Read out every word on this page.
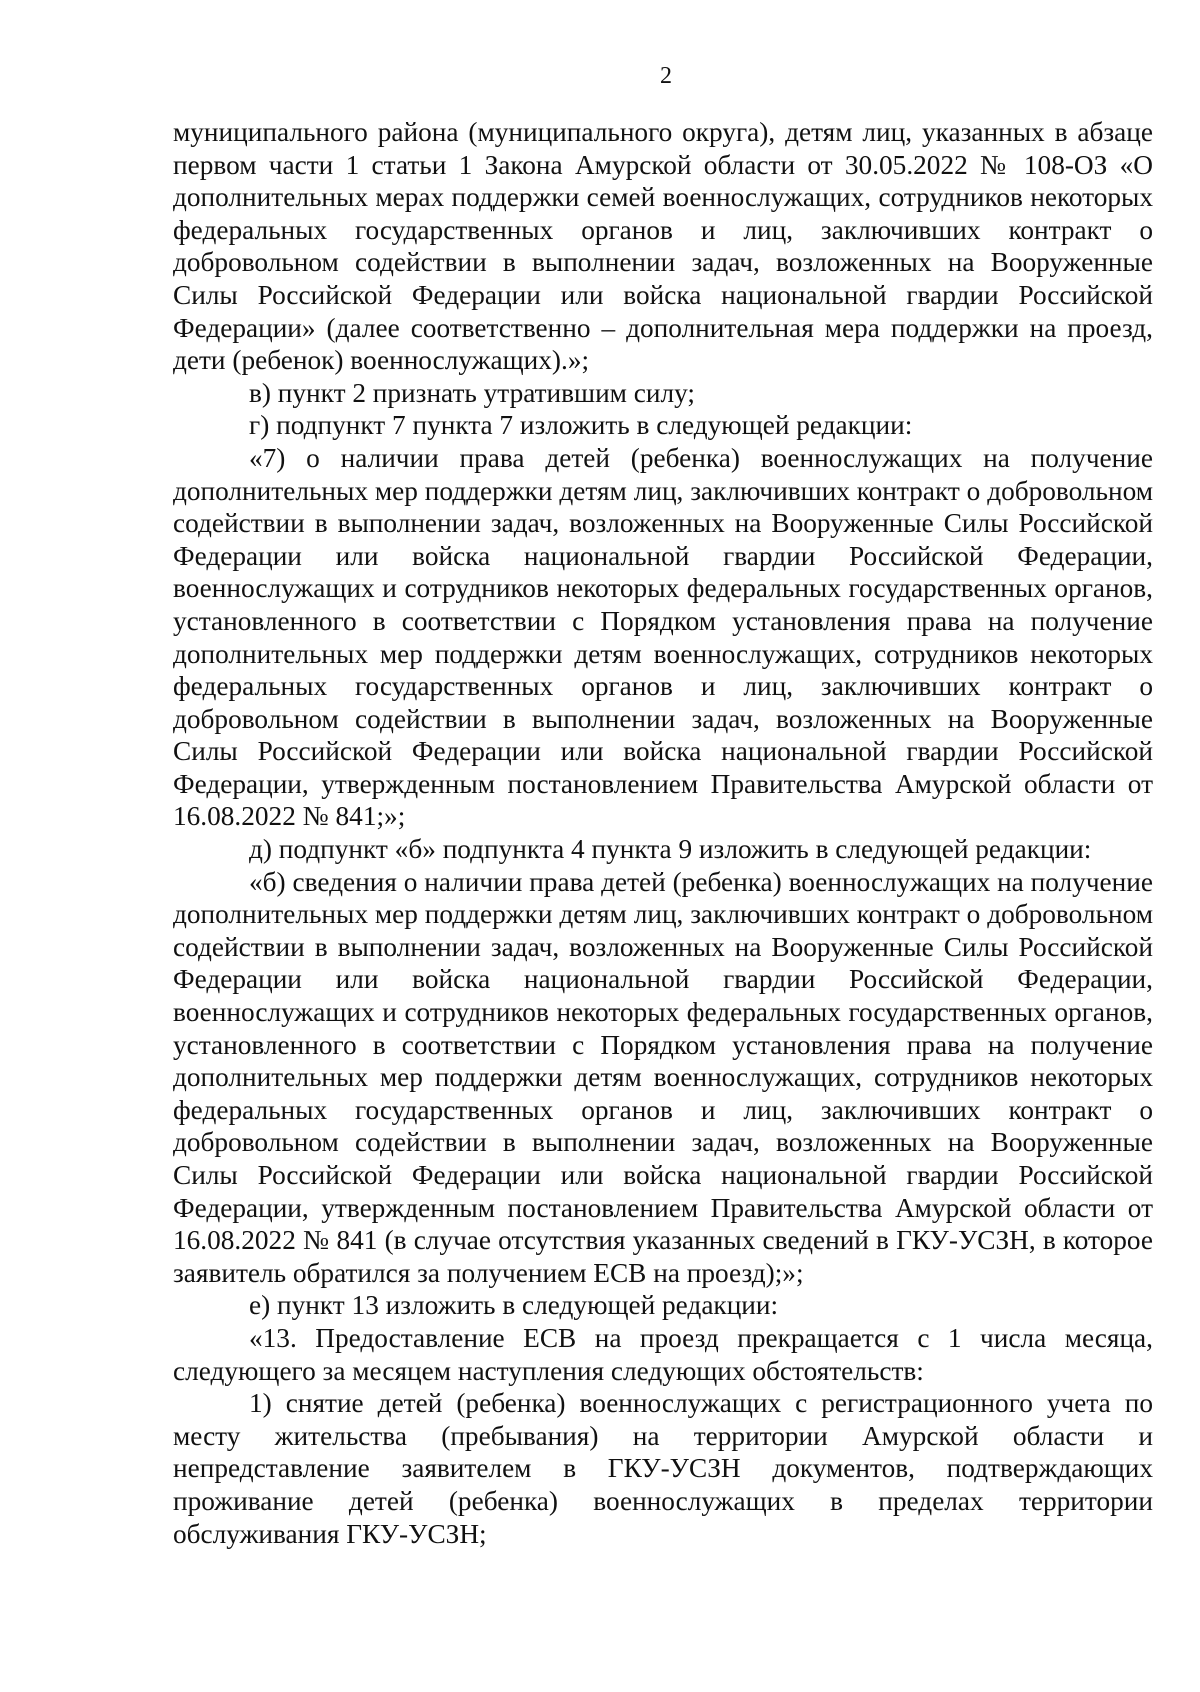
2

муниципального района (муниципального округа), детям лиц, указанных в абзаце первом части 1 статьи 1 Закона Амурской области от 30.05.2022 № 108-ОЗ «О дополнительных мерах поддержки семей военнослужащих, сотрудников некоторых федеральных государственных органов и лиц, заключивших контракт о добровольном содействии в выполнении задач, возложенных на Вооруженные Силы Российской Федерации или войска национальной гвардии Российской Федерации» (далее соответственно – дополнительная мера поддержки на проезд, дети (ребенок) военнослужащих).»;

в) пункт 2 признать утратившим силу;

г) подпункт 7 пункта 7 изложить в следующей редакции:

«7) о наличии права детей (ребенка) военнослужащих на получение дополнительных мер поддержки детям лиц, заключивших контракт о добровольном содействии в выполнении задач, возложенных на Вооруженные Силы Российской Федерации или войска национальной гвардии Российской Федерации, военнослужащих и сотрудников некоторых федеральных государственных органов, установленного в соответствии с Порядком установления права на получение дополнительных мер поддержки детям военнослужащих, сотрудников некоторых федеральных государственных органов и лиц, заключивших контракт о добровольном содействии в выполнении задач, возложенных на Вооруженные Силы Российской Федерации или войска национальной гвардии Российской Федерации, утвержденным постановлением Правительства Амурской области от 16.08.2022 № 841;»;

д) подпункт «б» подпункта 4 пункта 9 изложить в следующей редакции:

«б) сведения о наличии права детей (ребенка) военнослужащих на получение дополнительных мер поддержки детям лиц, заключивших контракт о добровольном содействии в выполнении задач, возложенных на Вооруженные Силы Российской Федерации или войска национальной гвардии Российской Федерации, военнослужащих и сотрудников некоторых федеральных государственных органов, установленного в соответствии с Порядком установления права на получение дополнительных мер поддержки детям военнослужащих, сотрудников некоторых федеральных государственных органов и лиц, заключивших контракт о добровольном содействии в выполнении задач, возложенных на Вооруженные Силы Российской Федерации или войска национальной гвардии Российской Федерации, утвержденным постановлением Правительства Амурской области от 16.08.2022 № 841 (в случае отсутствия указанных сведений в ГКУ-УСЗН, в которое заявитель обратился за получением ЕСВ на проезд);»;

е) пункт 13 изложить в следующей редакции:

«13. Предоставление ЕСВ на проезд прекращается с 1 числа месяца, следующего за месяцем наступления следующих обстоятельств:

1) снятие детей (ребенка) военнослужащих с регистрационного учета по месту жительства (пребывания) на территории Амурской области и непредставление заявителем в ГКУ-УСЗН документов, подтверждающих проживание детей (ребенка) военнослужащих в пределах территории обслуживания ГКУ-УСЗН;
